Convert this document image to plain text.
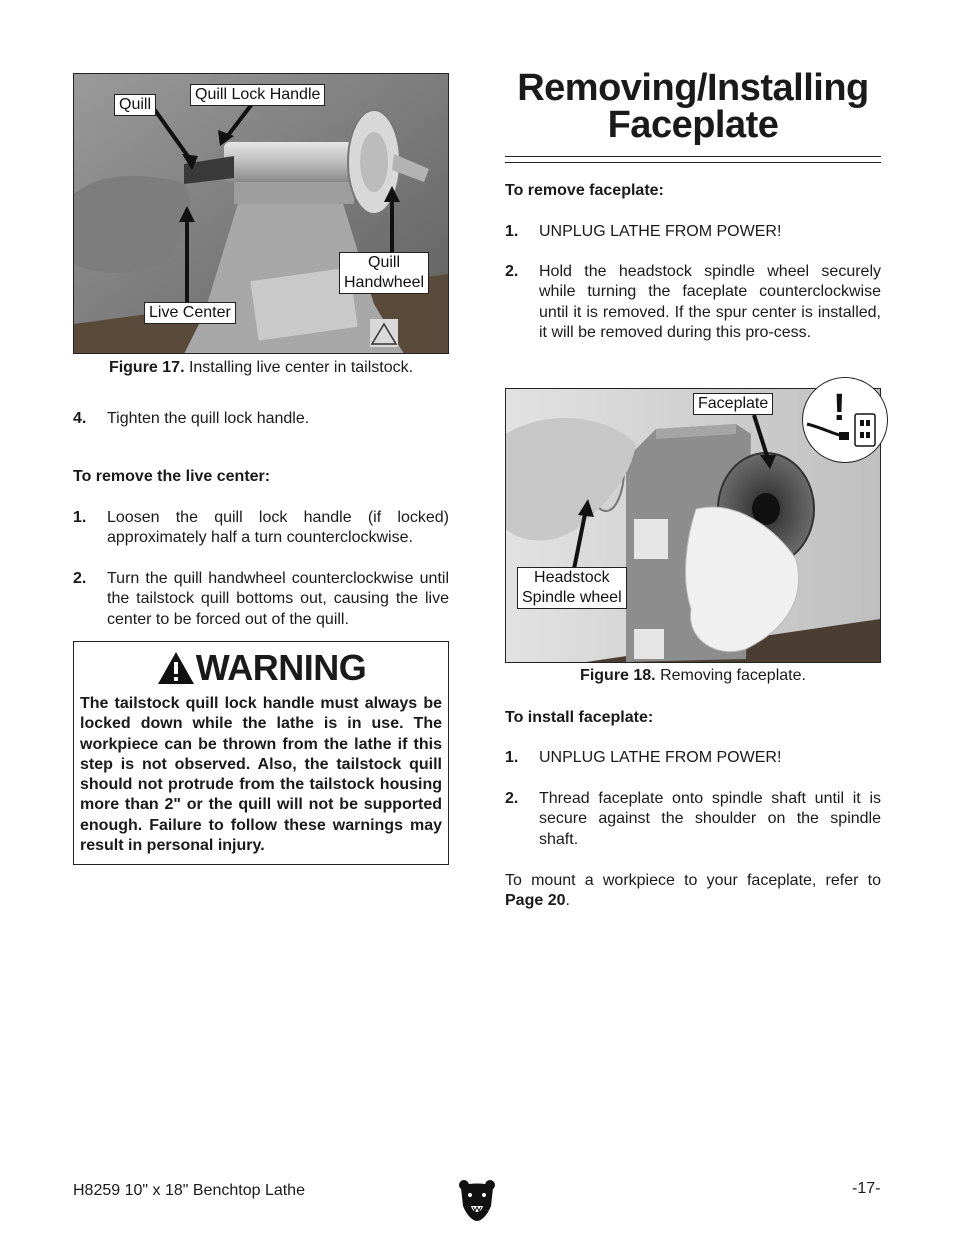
Quill
Quill Lock Handle
Quill
Handwheel
Live Center
Figure 17. Installing live center in tailstock.
4. Tighten the quill lock handle.
To remove the live center:
1. Loosen the quill lock handle (if locked) approximately half a turn counterclockwise.
2. Turn the quill handwheel counterclockwise until the tailstock quill bottoms out, causing the live center to be forced out of the quill.
WARNING
The tailstock quill lock handle must always be locked down while the lathe is in use. The workpiece can be thrown from the lathe if this step is not observed. Also, the tailstock quill should not protrude from the tailstock housing more than 2" or the quill will not be supported enough. Failure to follow these warnings may result in personal injury.
Removing/Installing
Faceplate
To remove faceplate:
1. UNPLUG LATHE FROM POWER!
2. Hold the headstock spindle wheel securely while turning the faceplate counterclockwise until it is removed. If the spur center is installed, it will be removed during this pro-cess.
Faceplate
Headstock
Spindle wheel
!
Figure 18. Removing faceplate.
To install faceplate:
1. UNPLUG LATHE FROM POWER!
2. Thread faceplate onto spindle shaft until it is secure against the shoulder on the spindle shaft.
To mount a workpiece to your faceplate, refer to Page 20.
H8259 10" x 18" Benchtop Lathe	-17-
